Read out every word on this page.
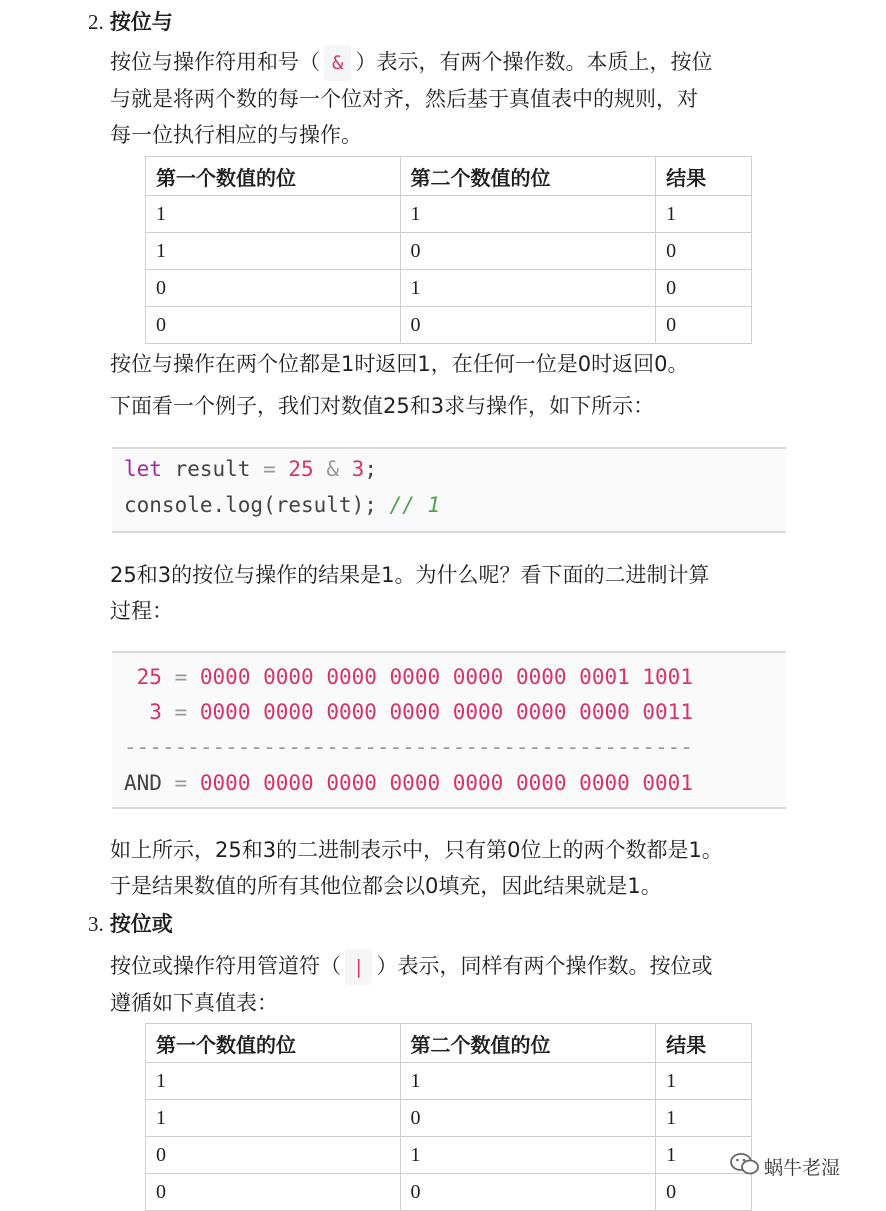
2. 按位与
按位与操作符用和号（ & ）表示，有两个操作数。本质上，按位
与就是将两个数的每一个位对齐，然后基于真值表中的规则，对
每一位执行相应的与操作。
第一个数值的位	第二个数值的位	结果
1	1	1
1	0	0
0	1	0
0	0	0
按位与操作在两个位都是1时返回1，在任何一位是0时返回0。
下面看一个例子，我们对数值25和3求与操作，如下所示：
let result = 25 & 3;
console.log(result); // 1
25和3的按位与操作的结果是1。为什么呢？看下面的二进制计算
过程：
25 = 0000 0000 0000 0000 0000 0000 0001 1001
3 = 0000 0000 0000 0000 0000 0000 0000 0011
---------------------------------------------
AND = 0000 0000 0000 0000 0000 0000 0000 0001
如上所示，25和3的二进制表示中，只有第0位上的两个数都是1。
于是结果数值的所有其他位都会以0填充，因此结果就是1。
3. 按位或
按位或操作符用管道符（ | ）表示，同样有两个操作数。按位或
遵循如下真值表：
第一个数值的位	第二个数值的位	结果
1	1	1
1	0	1
0	1	1
0	0	0
蜗牛老湿
